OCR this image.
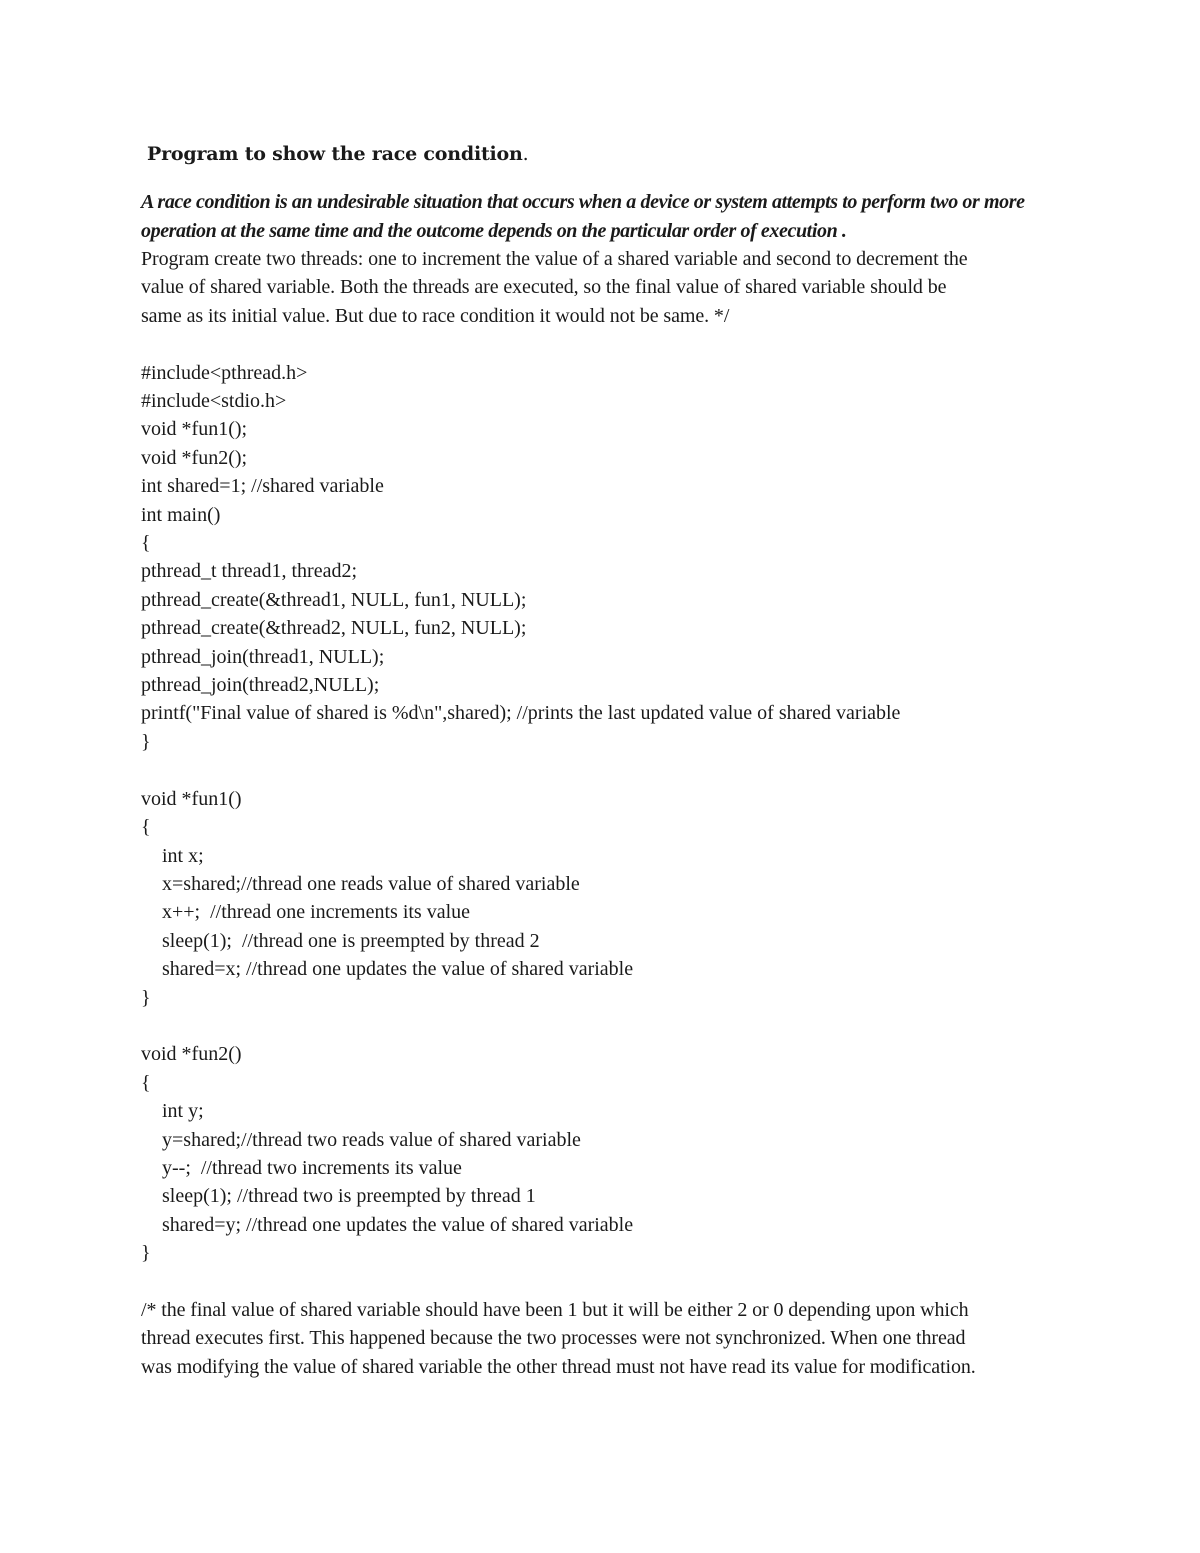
Program to show the race condition.

A race condition is an undesirable situation that occurs when a device or system attempts to perform two or more operation at the same time and the outcome depends on the particular order of execution .

Program create two threads: one to increment the value of a shared variable and second to decrement the

value of shared variable. Both the threads are executed, so the final value of shared variable should be

same as its initial value. But due to race condition it would not be same. */

#include<pthread.h>

#include<stdio.h>

void *fun1();

void *fun2();

int shared=1; //shared variable

int main()

{

pthread_t thread1, thread2;

pthread_create(&thread1, NULL, fun1, NULL);

pthread_create(&thread2, NULL, fun2, NULL);

pthread_join(thread1, NULL);

pthread_join(thread2,NULL);

printf("Final value of shared is %d\n",shared); //prints the last updated value of shared variable

}

void *fun1()

{

int x;

x=shared;//thread one reads value of shared variable

x++;  //thread one increments its value

sleep(1);  //thread one is preempted by thread 2

shared=x; //thread one updates the value of shared variable

}

void *fun2()

{

int y;

y=shared;//thread two reads value of shared variable

y--;  //thread two increments its value

sleep(1); //thread two is preempted by thread 1

shared=y; //thread one updates the value of shared variable

}

/* the final value of shared variable should have been 1 but it will be either 2 or 0 depending upon which

thread executes first. This happened because the two processes were not synchronized. When one thread

was modifying the value of shared variable the other thread must not have read its value for modification.
